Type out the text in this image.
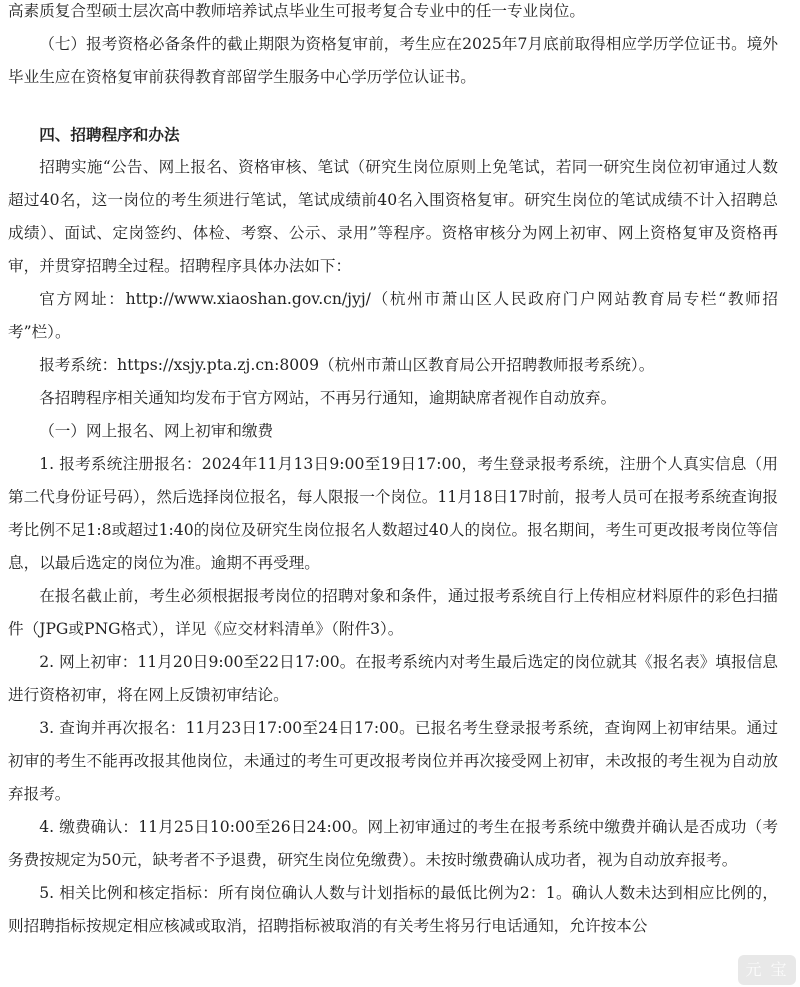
高素质复合型硕士层次高中教师培养试点毕业生可报考复合专业中的任一专业岗位。

（七）报考资格必备条件的截止期限为资格复审前，考生应在2025年7月底前取得相应学历学位证书。境外毕业生应在资格复审前获得教育部留学生服务中心学历学位认证书。

四、招聘程序和办法

招聘实施“公告、网上报名、资格审核、笔试（研究生岗位原则上免笔试，若同一研究生岗位初审通过人数超过40名，这一岗位的考生须进行笔试，笔试成绩前40名入围资格复审。研究生岗位的笔试成绩不计入招聘总成绩）、面试、定岗签约、体检、考察、公示、录用”等程序。资格审核分为网上初审、网上资格复审及资格再审，并贯穿招聘全过程。招聘程序具体办法如下：

官方网址：http://www.xiaoshan.gov.cn/jyj/（杭州市萧山区人民政府门户网站教育局专栏“教师招考”栏）。

报考系统：https://xsjy.pta.zj.cn:8009（杭州市萧山区教育局公开招聘教师报考系统）。

各招聘程序相关通知均发布于官方网站，不再另行通知，逾期缺席者视作自动放弃。

（一）网上报名、网上初审和缴费

1. 报考系统注册报名：2024年11月13日9:00至19日17:00，考生登录报考系统，注册个人真实信息（用第二代身份证号码），然后选择岗位报名，每人限报一个岗位。11月18日17时前，报考人员可在报考系统查询报考比例不足1:8或超过1:40的岗位及研究生岗位报名人数超过40人的岗位。报名期间，考生可更改报考岗位等信息，以最后选定的岗位为准。逾期不再受理。

在报名截止前，考生必须根据报考岗位的招聘对象和条件，通过报考系统自行上传相应材料原件的彩色扫描件（JPG或PNG格式），详见《应交材料清单》（附件3）。

2. 网上初审：11月20日9:00至22日17:00。在报考系统内对考生最后选定的岗位就其《报名表》填报信息进行资格初审，将在网上反馈初审结论。

3. 查询并再次报名：11月23日17:00至24日17:00。已报名考生登录报考系统，查询网上初审结果。通过初审的考生不能再改报其他岗位，未通过的考生可更改报考岗位并再次接受网上初审，未改报的考生视为自动放弃报考。

4. 缴费确认：11月25日10:00至26日24:00。网上初审通过的考生在报考系统中缴费并确认是否成功（考务费按规定为50元，缺考者不予退费，研究生岗位免缴费）。未按时缴费确认成功者，视为自动放弃报考。

5. 相关比例和核定指标：所有岗位确认人数与计划指标的最低比例为2：1。确认人数未达到相应比例的，则招聘指标按规定相应核减或取消，招聘指标被取消的有关考生将另行电话通知，允许按本公

元 宝
